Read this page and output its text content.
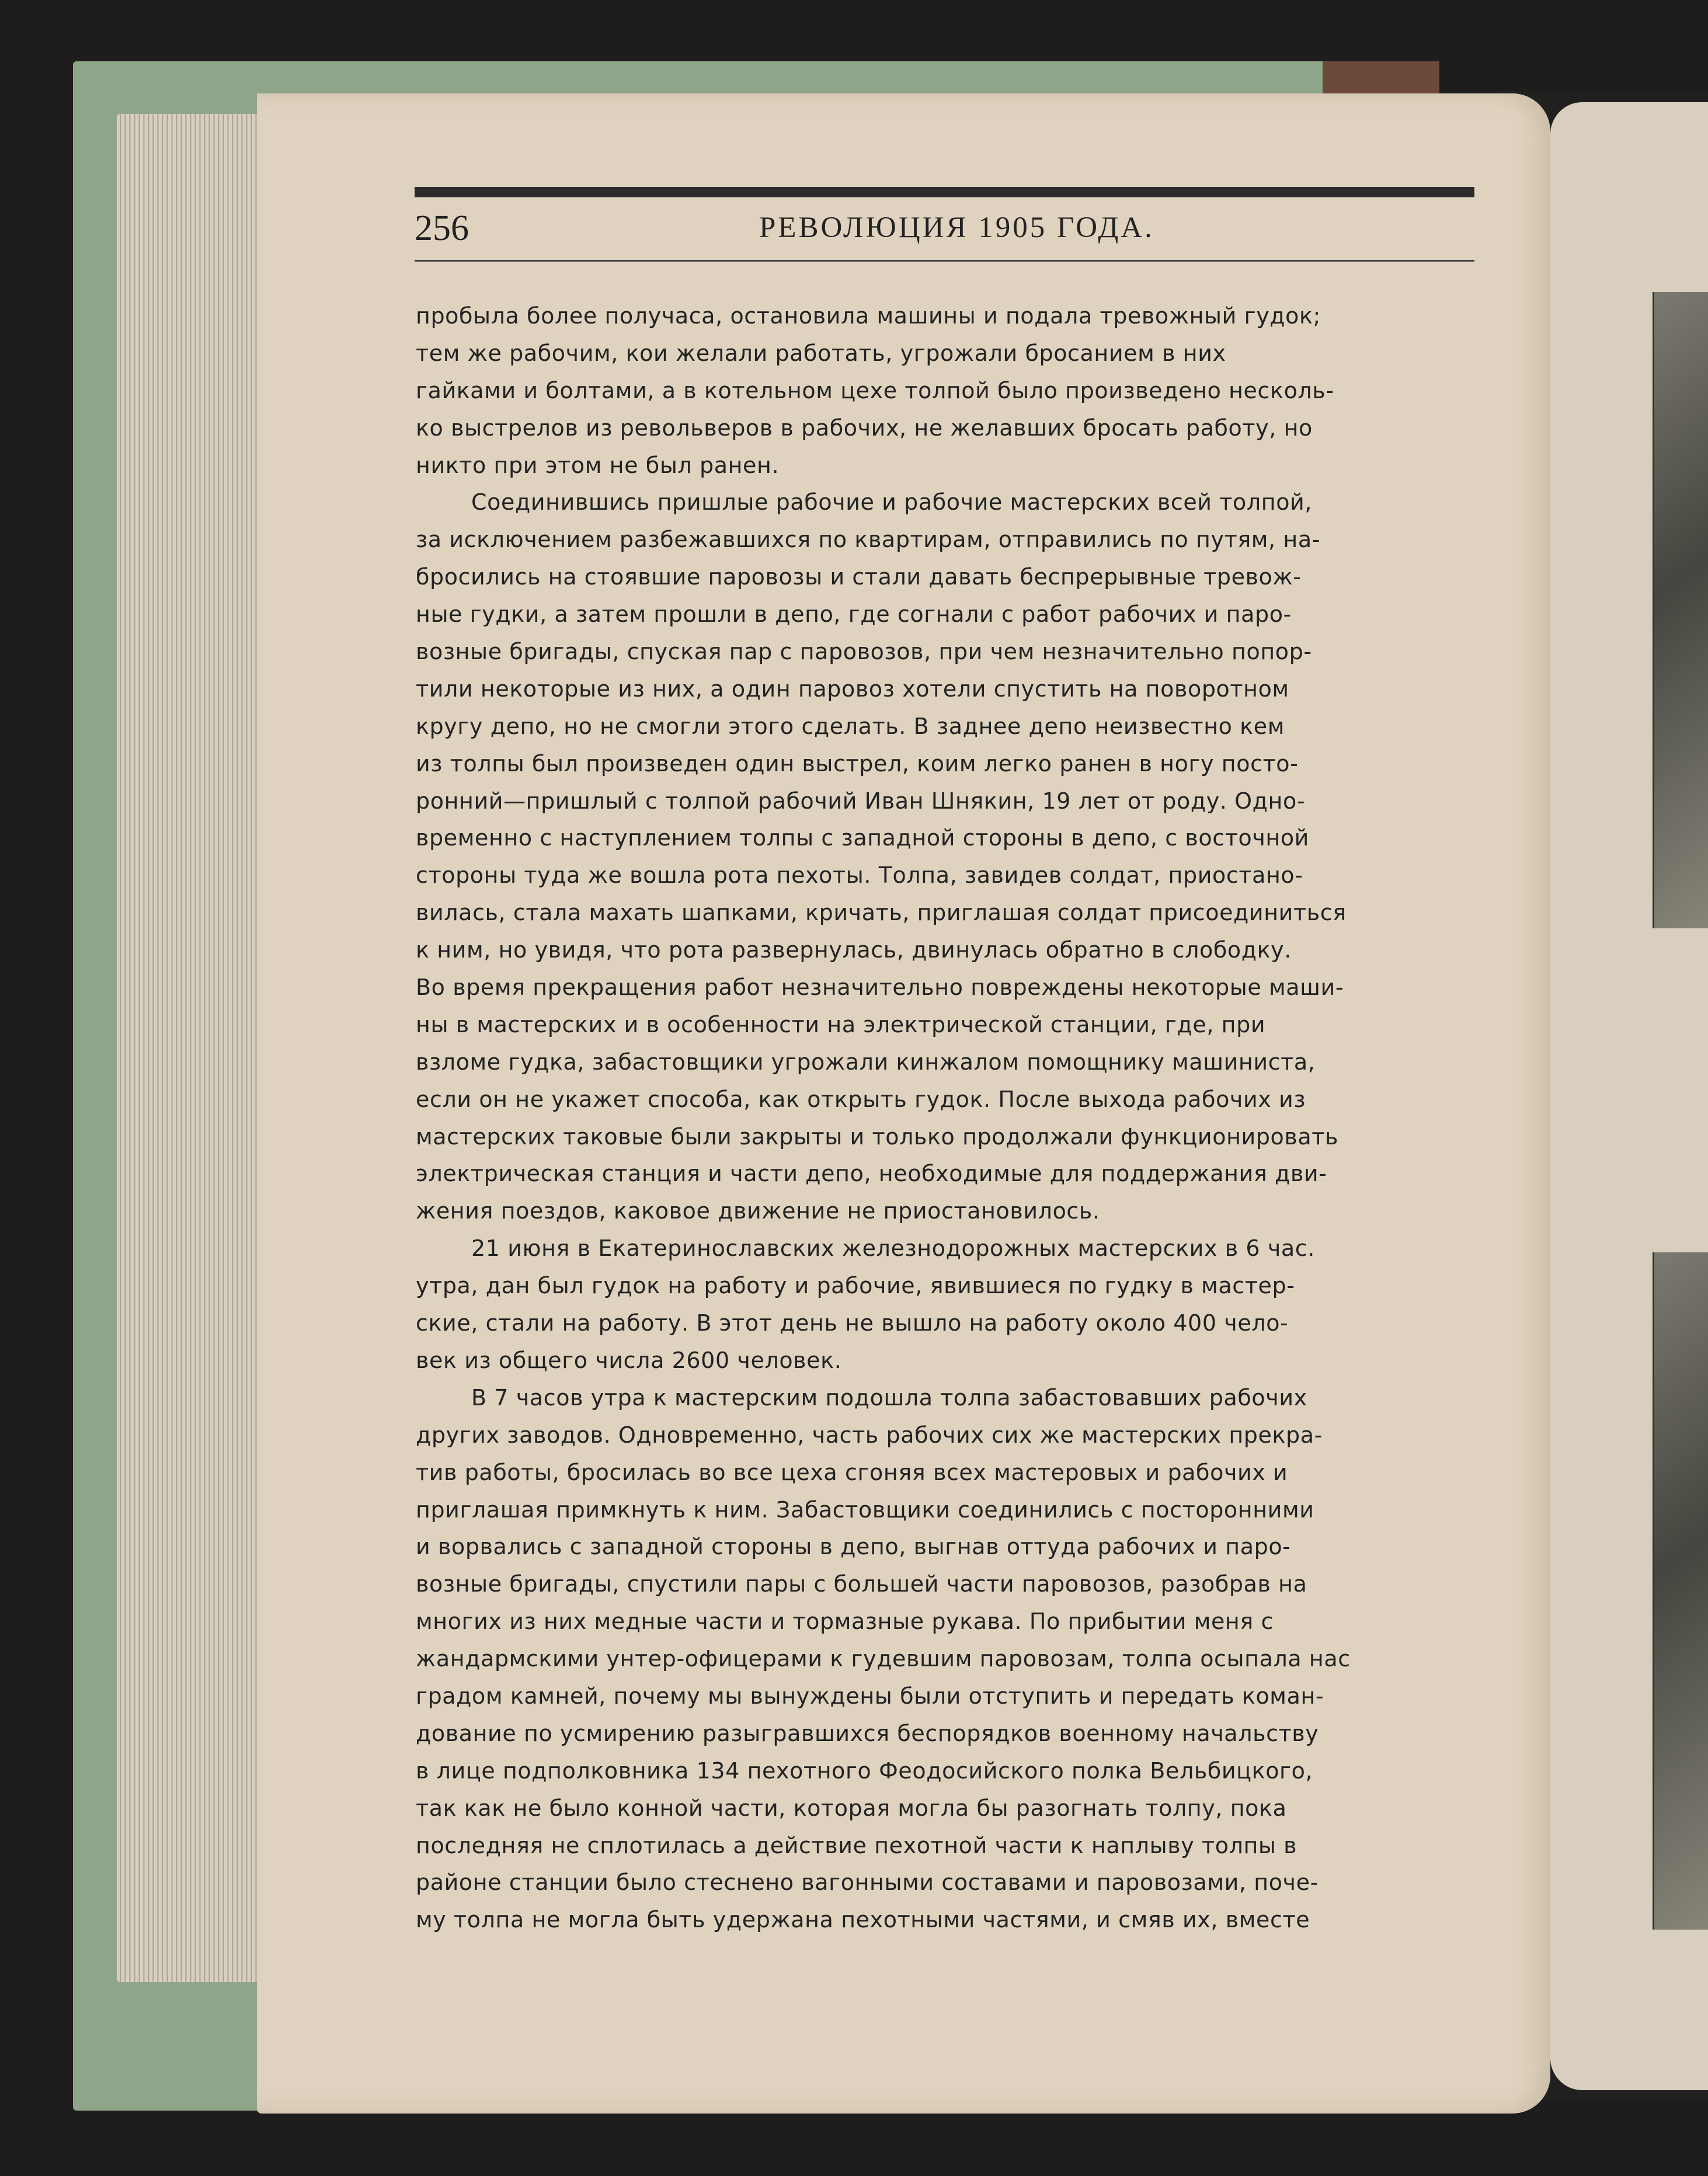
256	РЕВОЛЮЦИЯ 1905 ГОДА.
пробыла более получаса, остановила машины и подала тревожный гудок;
тем же рабочим, кои желали работать, угрожали бросанием в них
гайками и болтами, а в котельном цехе толпой было произведено несколь-
ко выстрелов из револьверов в рабочих, не желавших бросать работу, но
никто при этом не был ранен.
Соединившись пришлые рабочие и рабочие мастерских всей толпой,
за исключением разбежавшихся по квартирам, отправились по путям, на-
бросились на стоявшие паровозы и стали давать беспрерывные тревож-
ные гудки, а затем прошли в депо, где согнали с работ рабочих и паро-
возные бригады, спуская пар с паровозов, при чем незначительно попор-
тили некоторые из них, а один паровоз хотели спустить на поворотном
кругу депо, но не смогли этого сделать. В заднее депо неизвестно кем
из толпы был произведен один выстрел, коим легко ранен в ногу посто-
ронний—пришлый с толпой рабочий Иван Шнякин, 19 лет от роду. Одно-
временно с наступлением толпы с западной стороны в депо, с восточной
стороны туда же вошла рота пехоты. Толпа, завидев солдат, приостано-
вилась, стала махать шапками, кричать, приглашая солдат присоединиться
к ним, но увидя, что рота развернулась, двинулась обратно в слободку.
Во время прекращения работ незначительно повреждены некоторые маши-
ны в мастерских и в особенности на электрической станции, где, при
взломе гудка, забастовщики угрожали кинжалом помощнику машиниста,
если он не укажет способа, как открыть гудок. После выхода рабочих из
мастерских таковые были закрыты и только продолжали функционировать
электрическая станция и части депо, необходимые для поддержания дви-
жения поездов, каковое движение не приостановилось.
21 июня в Екатеринославских железнодорожных мастерских в 6 час.
утра, дан был гудок на работу и рабочие, явившиеся по гудку в мастер-
ские, стали на работу. В этот день не вышло на работу около 400 чело-
век из общего числа 2600 человек.
В 7 часов утра к мастерским подошла толпа забастовавших рабочих
других заводов. Одновременно, часть рабочих сих же мастерских прекра-
тив работы, бросилась во все цеха сгоняя всех мастеровых и рабочих и
приглашая примкнуть к ним. Забастовщики соединились с посторонними
и ворвались с западной стороны в депо, выгнав оттуда рабочих и паро-
возные бригады, спустили пары с большей части паровозов, разобрав на
многих из них медные части и тормазные рукава. По прибытии меня с
жандармскими унтер-офицерами к гудевшим паровозам, толпа осыпала нас
градом камней, почему мы вынуждены были отступить и передать коман-
дование по усмирению разыгравшихся беспорядков военному начальству
в лице подполковника 134 пехотного Феодосийского полка Вельбицкого,
так как не было конной части, которая могла бы разогнать толпу, пока
последняя не сплотилась а действие пехотной части к наплыву толпы в
районе станции было стеснено вагонными составами и паровозами, поче-
му толпа не могла быть удержана пехотными частями, и смяв их, вместе
